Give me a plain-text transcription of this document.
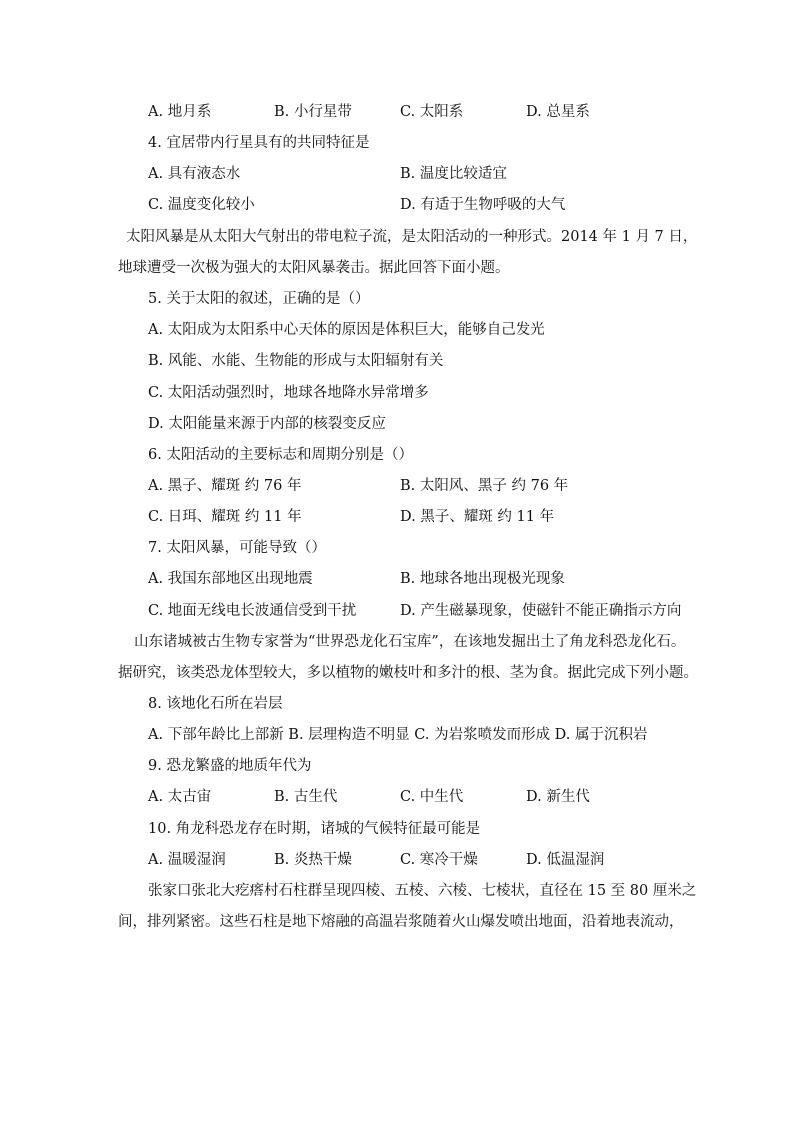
A. 地月系	B. 小行星带	C. 太阳系	D. 总星系
4. 宜居带内行星具有的共同特征是
A. 具有液态水	B. 温度比较适宜
C. 温度变化较小	D. 有适于生物呼吸的大气
太阳风暴是从太阳大气射出的带电粒子流，是太阳活动的一种形式。2014 年 1 月 7 日，
地球遭受一次极为强大的太阳风暴袭击。据此回答下面小题。
5. 关于太阳的叙述，正确的是（）
A. 太阳成为太阳系中心天体的原因是体积巨大，能够自己发光
B. 风能、水能、生物能的形成与太阳辐射有关
C. 太阳活动强烈时，地球各地降水异常增多
D. 太阳能量来源于内部的核裂变反应
6. 太阳活动的主要标志和周期分别是（）
A. 黑子、耀斑 约 76 年	B. 太阳风、黑子 约 76 年
C. 日珥、耀斑 约 11 年	D. 黑子、耀斑 约 11 年
7. 太阳风暴，可能导致（）
A. 我国东部地区出现地震	B. 地球各地出现极光现象
C. 地面无线电长波通信受到干扰	D. 产生磁暴现象，使磁针不能正确指示方向
山东诸城被古生物专家誉为“世界恐龙化石宝库”，在该地发掘出土了角龙科恐龙化石。
据研究，该类恐龙体型较大，多以植物的嫩枝叶和多汁的根、茎为食。据此完成下列小题。
8. 该地化石所在岩层
A. 下部年龄比上部新 B. 层理构造不明显 C. 为岩浆喷发而形成 D. 属于沉积岩
9. 恐龙繁盛的地质年代为
A. 太古宙	B. 古生代	C. 中生代	D. 新生代
10. 角龙科恐龙存在时期，诸城的气候特征最可能是
A. 温暖湿润	B. 炎热干燥	C. 寒冷干燥	D. 低温湿润
张家口张北大疙瘩村石柱群呈现四棱、五棱、六棱、七棱状，直径在 15 至 80 厘米之
间，排列紧密。这些石柱是地下熔融的高温岩浆随着火山爆发喷出地面，沿着地表流动，
